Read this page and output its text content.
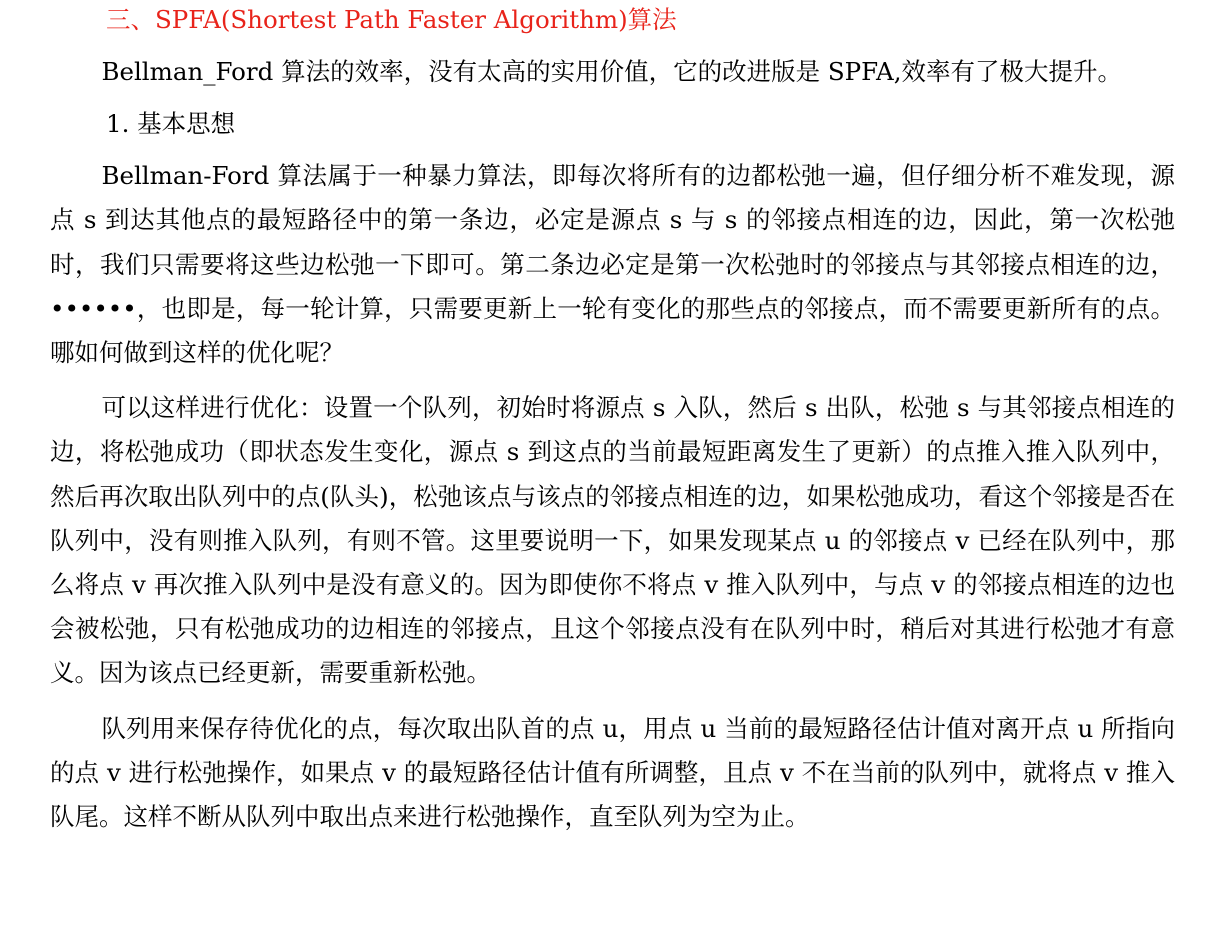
三、SPFA(Shortest Path Faster Algorithm)算法

Bellman_Ford 算法的效率，没有太高的实用价值，它的改进版是 SPFA,效率有了极大提升。

1. 基本思想

Bellman-Ford 算法属于一种暴力算法，即每次将所有的边都松弛一遍，但仔细分析不难发现，源点 s 到达其他点的最短路径中的第一条边，必定是源点 s 与 s 的邻接点相连的边，因此，第一次松弛时，我们只需要将这些边松弛一下即可。第二条边必定是第一次松弛时的邻接点与其邻接点相连的边，••••••，也即是，每一轮计算，只需要更新上一轮有变化的那些点的邻接点，而不需要更新所有的点。哪如何做到这样的优化呢？

可以这样进行优化：设置一个队列，初始时将源点 s 入队，然后 s 出队，松弛 s 与其邻接点相连的边，将松弛成功（即状态发生变化，源点 s 到这点的当前最短距离发生了更新）的点推入推入队列中，然后再次取出队列中的点(队头)，松弛该点与该点的邻接点相连的边，如果松弛成功，看这个邻接是否在队列中，没有则推入队列，有则不管。这里要说明一下，如果发现某点 u 的邻接点 v 已经在队列中，那么将点 v 再次推入队列中是没有意义的。因为即使你不将点 v 推入队列中，与点 v 的邻接点相连的边也会被松弛，只有松弛成功的边相连的邻接点，且这个邻接点没有在队列中时，稍后对其进行松弛才有意义。因为该点已经更新，需要重新松弛。

队列用来保存待优化的点，每次取出队首的点 u，用点 u 当前的最短路径估计值对离开点 u 所指向的点 v 进行松弛操作，如果点 v 的最短路径估计值有所调整，且点 v 不在当前的队列中，就将点 v 推入队尾。这样不断从队列中取出点来进行松弛操作，直至队列为空为止。
